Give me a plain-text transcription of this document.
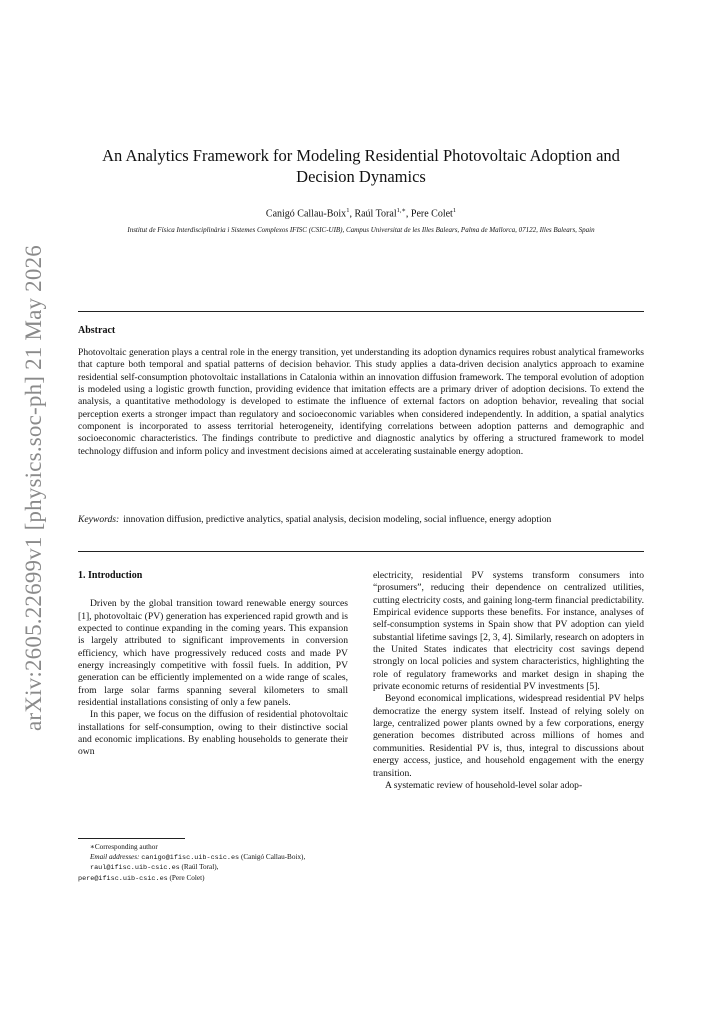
arXiv:2605.22699v1 [physics.soc-ph] 21 May 2026
An Analytics Framework for Modeling Residential Photovoltaic Adoption and Decision Dynamics
Canigó Callau-Boix$^1$, Raúl Toral$^{1,∗}$, Pere Colet$^1$
Institut de Física Interdisciplinària i Sistemes Complexos IFISC (CSIC-UIB), Campus Universitat de les Illes Balears, Palma de Mallorca, 07122, Illes Balears, Spain
Abstract
Photovoltaic generation plays a central role in the energy transition, yet understanding its adoption dynamics requires robust analytical frameworks that capture both temporal and spatial patterns of decision behavior. This study applies a data-driven decision analytics approach to examine residential self-consumption photovoltaic installations in Catalonia within an innovation diffusion framework. The temporal evolution of adoption is modeled using a logistic growth function, providing evidence that imitation effects are a primary driver of adoption decisions. To extend the analysis, a quantitative methodology is developed to estimate the influence of external factors on adoption behavior, revealing that social perception exerts a stronger impact than regulatory and socioeconomic variables when considered independently. In addition, a spatial analytics component is incorporated to assess territorial heterogeneity, identifying correlations between adoption patterns and demographic and socioeconomic characteristics. The findings contribute to predictive and diagnostic analytics by offering a structured framework to model technology diffusion and inform policy and investment decisions aimed at accelerating sustainable energy adoption.
Keywords: innovation diffusion, predictive analytics, spatial analysis, decision modeling, social influence, energy adoption
1. Introduction

Driven by the global transition toward renewable energy sources [1], photovoltaic (PV) generation has experienced rapid growth and is expected to continue expanding in the coming years. This expansion is largely attributed to significant improvements in conversion efficiency, which have progressively reduced costs and made PV energy increasingly competitive with fossil fuels. In addition, PV generation can be efficiently implemented on a wide range of scales, from large solar farms spanning several kilometers to small residential installations consisting of only a few panels.

In this paper, we focus on the diffusion of residential photovoltaic installations for self-consumption, owing to their distinctive social and economic implications. By enabling households to generate their own

electricity, residential PV systems transform consumers into “prosumers”, reducing their dependence on centralized utilities, cutting electricity costs, and gaining long-term financial predictability. Empirical evidence supports these benefits. For instance, analyses of self-consumption systems in Spain show that PV adoption can yield substantial lifetime savings [2, 3, 4]. Similarly, research on adopters in the United States indicates that electricity cost savings depend strongly on local policies and system characteristics, highlighting the role of regulatory frameworks and market design in shaping the private economic returns of residential PV investments [5].

Beyond economical implications, widespread residential PV helps democratize the energy system itself. Instead of relying solely on large, centralized power plants owned by a few corporations, energy generation becomes distributed across millions of homes and communities. Residential PV is, thus, integral to discussions about energy access, justice, and household engagement with the energy transition.

A systematic review of household-level solar adop-

∗Corresponding author
Email addresses: canigo@ifisc.uib-csic.es (Canigó Callau-Boix), raul@ifisc.uib-csic.es (Raúl Toral),
pere@ifisc.uib-csic.es (Pere Colet)
